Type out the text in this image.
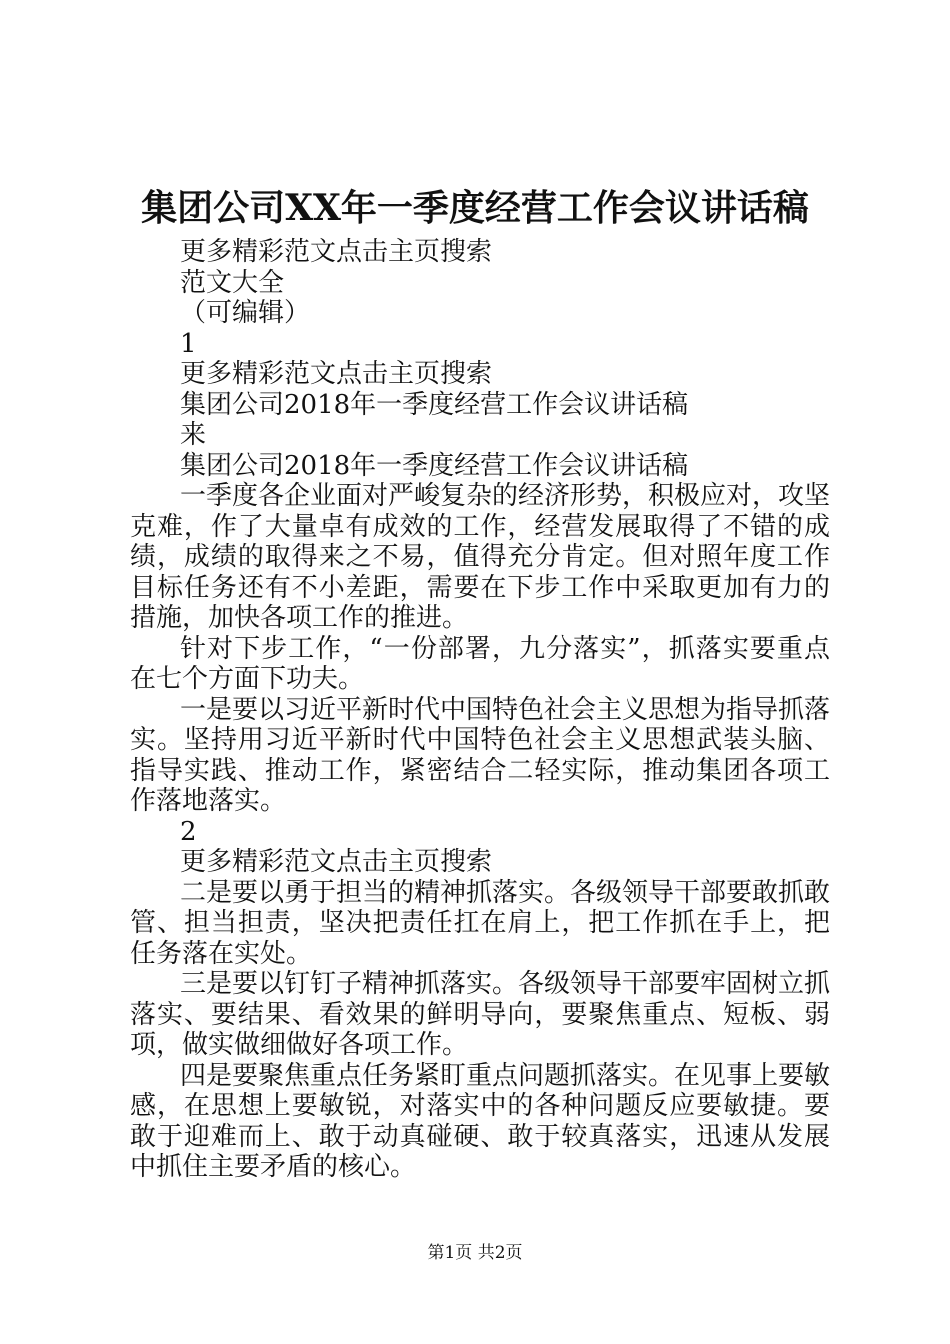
集团公司XX年一季度经营工作会议讲话稿
更多精彩范文点击主页搜索
范文大全
（可编辑）
1
更多精彩范文点击主页搜索
集团公司2018年一季度经营工作会议讲话稿
来
集团公司2018年一季度经营工作会议讲话稿

一季度各企业面对严峻复杂的经济形势，积极应对，攻坚克难，作了大量卓有成效的工作，经营发展取得了不错的成绩，成绩的取得来之不易，值得充分肯定。但对照年度工作目标任务还有不小差距，需要在下步工作中采取更加有力的措施，加快各项工作的推进。

针对下步工作，“一份部署，九分落实”，抓落实要重点在七个方面下功夫。

一是要以习近平新时代中国特色社会主义思想为指导抓落实。坚持用习近平新时代中国特色社会主义思想武装头脑、指导实践、推动工作，紧密结合二轻实际，推动集团各项工作落地落实。

2
更多精彩范文点击主页搜索

二是要以勇于担当的精神抓落实。各级领导干部要敢抓敢管、担当担责，坚决把责任扛在肩上，把工作抓在手上，把任务落在实处。

三是要以钉钉子精神抓落实。各级领导干部要牢固树立抓落实、要结果、看效果的鲜明导向，要聚焦重点、短板、弱项，做实做细做好各项工作。

四是要聚焦重点任务紧盯重点问题抓落实。在见事上要敏感，在思想上要敏锐，对落实中的各种问题反应要敏捷。要敢于迎难而上、敢于动真碰硬、敢于较真落实，迅速从发展中抓住主要矛盾的核心。

第1页 共2页
